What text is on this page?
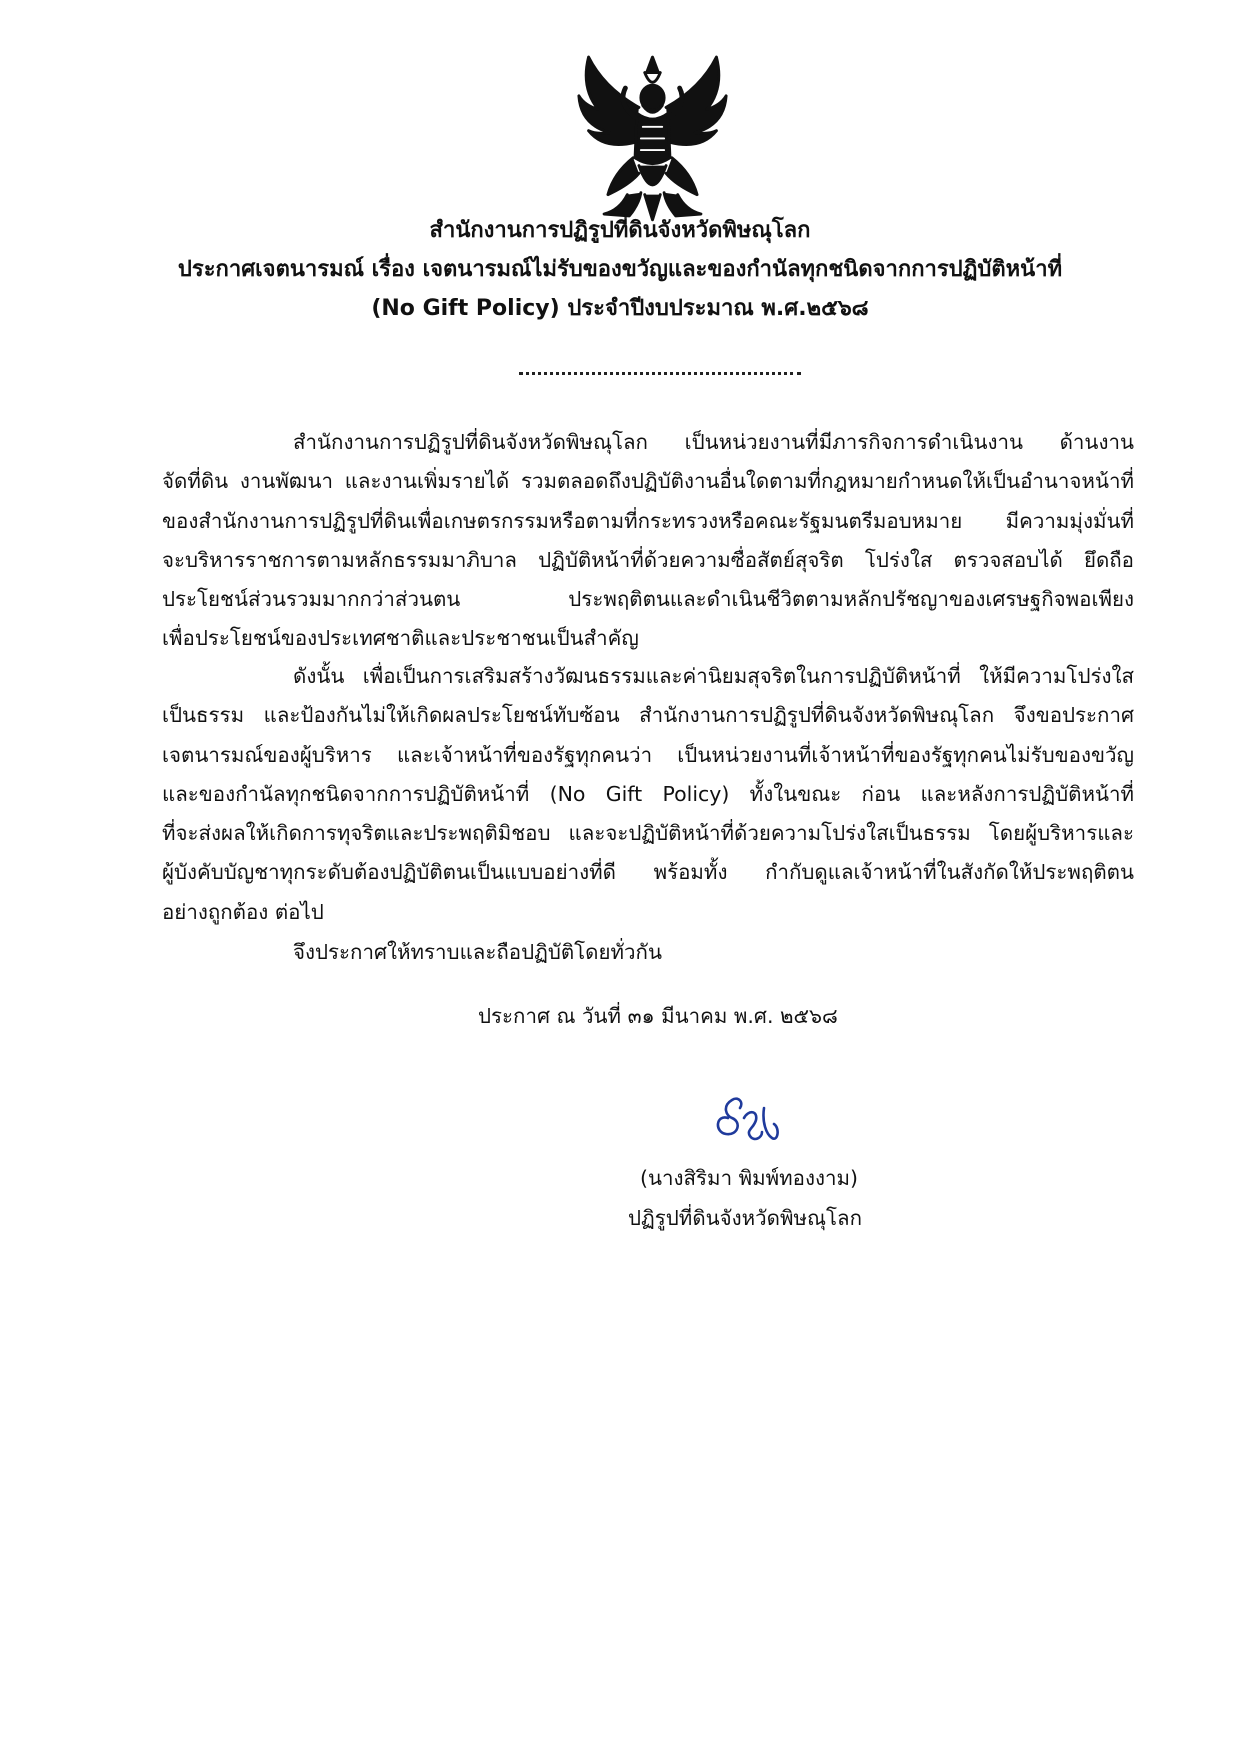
สำนักงานการปฏิรูปที่ดินจังหวัดพิษณุโลก
ประกาศเจตนารมณ์ เรื่อง เจตนารมณ์ไม่รับของขวัญและของกำนัลทุกชนิดจากการปฏิบัติหน้าที่
(No Gift Policy) ประจำปีงบประมาณ พ.ศ.๒๕๖๘
สำนักงานการปฏิรูปที่ดินจังหวัดพิษณุโลก เป็นหน่วยงานที่มีภารกิจการดำเนินงาน ด้านงาน
จัดที่ดิน งานพัฒนา และงานเพิ่มรายได้ รวมตลอดถึงปฏิบัติงานอื่นใดตามที่กฎหมายกำหนดให้เป็นอำนาจหน้าที่
ของสำนักงานการปฏิรูปที่ดินเพื่อเกษตรกรรมหรือตามที่กระทรวงหรือคณะรัฐมนตรีมอบหมาย มีความมุ่งมั่นที่
จะบริหารราชการตามหลักธรรมมาภิบาล ปฏิบัติหน้าที่ด้วยความซื่อสัตย์สุจริต โปร่งใส ตรวจสอบได้ ยึดถือ
ประโยชน์ส่วนรวมมากกว่าส่วนตน ประพฤติตนและดำเนินชีวิตตามหลักปรัชญาของเศรษฐกิจพอเพียง
เพื่อประโยชน์ของประเทศชาติและประชาชนเป็นสำคัญ
ดังนั้น เพื่อเป็นการเสริมสร้างวัฒนธรรมและค่านิยมสุจริตในการปฏิบัติหน้าที่ ให้มีความโปร่งใส
เป็นธรรม และป้องกันไม่ให้เกิดผลประโยชน์ทับซ้อน สำนักงานการปฏิรูปที่ดินจังหวัดพิษณุโลก จึงขอประกาศ
เจตนารมณ์ของผู้บริหาร และเจ้าหน้าที่ของรัฐทุกคนว่า เป็นหน่วยงานที่เจ้าหน้าที่ของรัฐทุกคนไม่รับของขวัญ
และของกำนัลทุกชนิดจากการปฏิบัติหน้าที่ (No Gift Policy) ทั้งในขณะ ก่อน และหลังการปฏิบัติหน้าที่
ที่จะส่งผลให้เกิดการทุจริตและประพฤติมิชอบ และจะปฏิบัติหน้าที่ด้วยความโปร่งใสเป็นธรรม โดยผู้บริหารและ
ผู้บังคับบัญชาทุกระดับต้องปฏิบัติตนเป็นแบบอย่างที่ดี พร้อมทั้ง กำกับดูแลเจ้าหน้าที่ในสังกัดให้ประพฤติตน
อย่างถูกต้อง ต่อไป
จึงประกาศให้ทราบและถือปฏิบัติโดยทั่วกัน
ประกาศ ณ วันที่ ๓๑ มีนาคม พ.ศ. ๒๕๖๘
(นางสิริมา พิมพ์ทองงาม)
ปฏิรูปที่ดินจังหวัดพิษณุโลก
